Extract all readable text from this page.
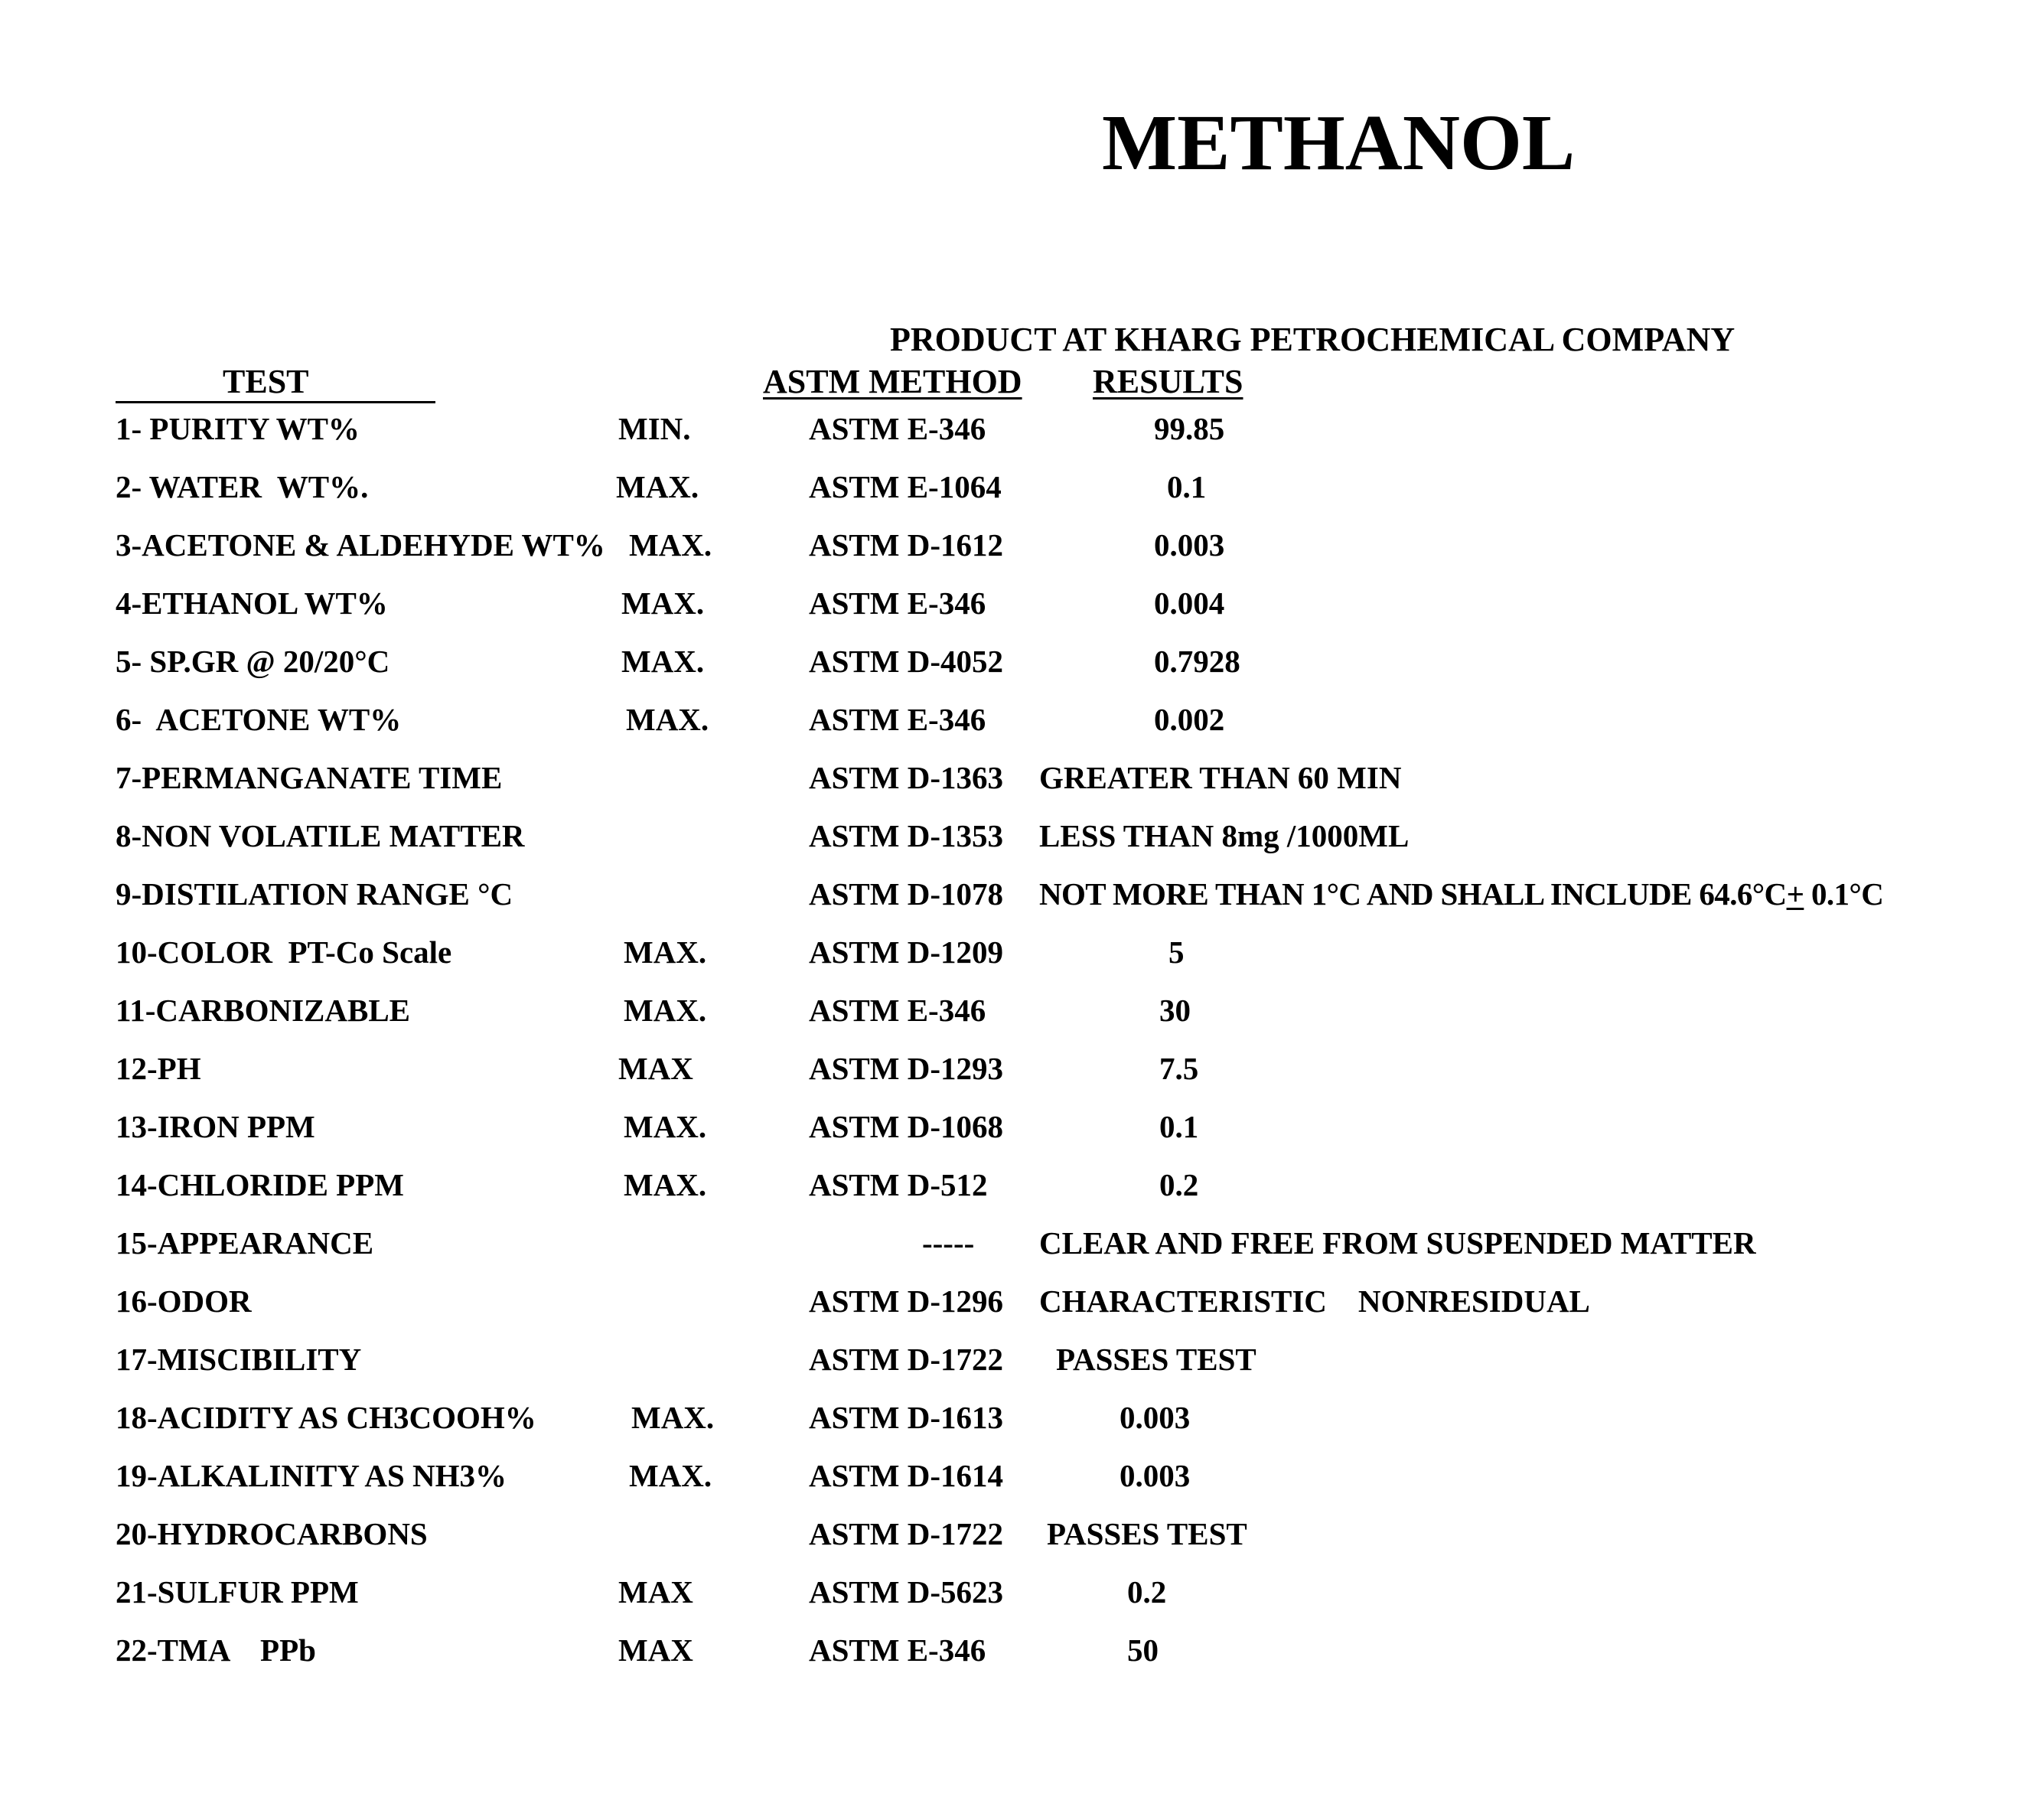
METHANOL
PRODUCT AT KHARG PETROCHEMICAL COMPANY
TEST	ASTM METHOD RESULTS
1- PURITY WT%	MIN.	ASTM E-346	99.85
2- WATER  WT%.	MAX.	ASTM E-1064	0.1
3-ACETONE & ALDEHYDE WT% MAX.	ASTM D-1612	0.003
4-ETHANOL WT%	MAX.	ASTM E-346	0.004
5- SP.GR @ 20/20°C	MAX.	ASTM D-4052	0.7928
6-  ACETONE WT%	MAX.	ASTM E-346	0.002
7-PERMANGANATE TIME	ASTM D-1363 GREATER THAN 60 MIN
8-NON VOLATILE MATTER	ASTM D-1353 LESS THAN 8mg /1000ML
9-DISTILATION RANGE °C	ASTM D-1078 NOT MORE THAN 1°C AND SHALL INCLUDE 64.6°C+ 0.1°C
10-COLOR  PT-Co Scale	MAX.	ASTM D-1209	5
11-CARBONIZABLE	MAX.	ASTM E-346	30
12-PH	MAX	ASTM D-1293	7.5
13-IRON PPM	MAX.	ASTM D-1068	0.1
14-CHLORIDE PPM	MAX.	ASTM D-512	0.2
15-APPEARANCE	----- CLEAR AND FREE FROM SUSPENDED MATTER
16-ODOR	ASTM D-1296 CHARACTERISTIC    NONRESIDUAL
17-MISCIBILITY	ASTM D-1722 PASSES TEST
18-ACIDITY AS CH3COOH%	MAX.	ASTM D-1613	0.003
19-ALKALINITY AS NH3%	MAX.	ASTM D-1614	0.003
20-HYDROCARBONS	ASTM D-1722 PASSES TEST
21-SULFUR PPM	MAX	ASTM D-5623	0.2
22-TMA    PPb	MAX	ASTM E-346	50
